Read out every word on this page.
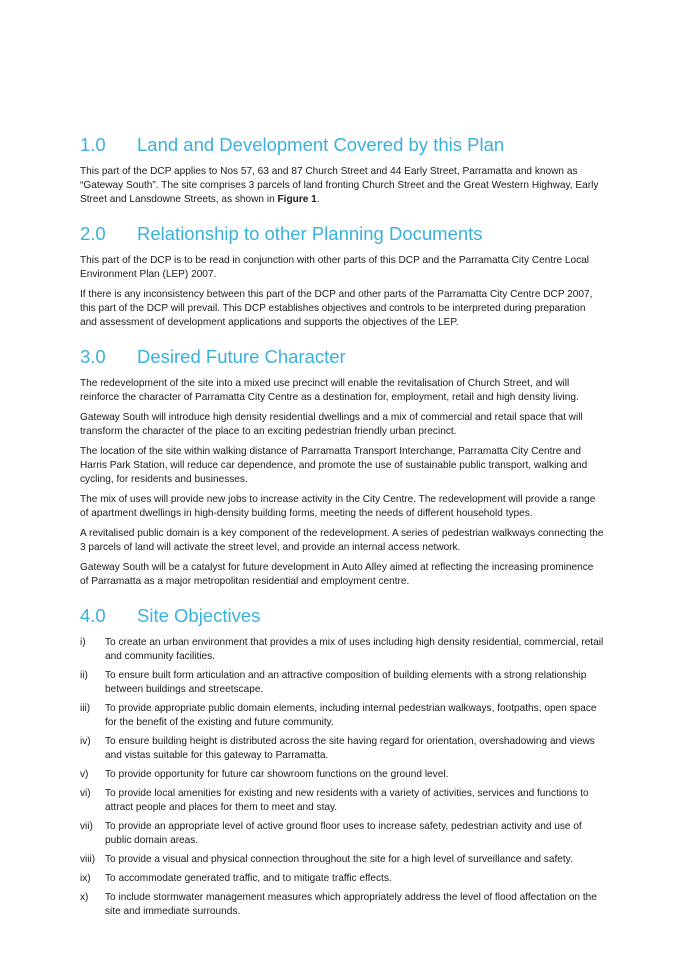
1.0	Land and Development Covered by this Plan

This part of the DCP applies to Nos 57, 63 and 87 Church Street and 44 Early Street, Parramatta and known as “Gateway South”. The site comprises 3 parcels of land fronting Church Street and the Great Western Highway, Early Street and Lansdowne Streets, as shown in Figure 1.

2.0	Relationship to other Planning Documents

This part of the DCP is to be read in conjunction with other parts of this DCP and the Parramatta City Centre Local Environment Plan (LEP) 2007.

If there is any inconsistency between this part of the DCP and other parts of the Parramatta City Centre DCP 2007, this part of the DCP will prevail. This DCP establishes objectives and controls to be interpreted during preparation and assessment of development applications and supports the objectives of the LEP.

3.0	Desired Future Character

The redevelopment of the site into a mixed use precinct will enable the revitalisation of Church Street, and will reinforce the character of Parramatta City Centre as a destination for, employment, retail and high density living.

Gateway South will introduce high density residential dwellings and a mix of commercial and retail space that will transform the character of the place to an exciting pedestrian friendly urban precinct.

The location of the site within walking distance of Parramatta Transport Interchange, Parramatta City Centre and Harris Park Station, will reduce car dependence, and promote the use of sustainable public transport, walking and cycling, for residents and businesses.

The mix of uses will provide new jobs to increase activity in the City Centre. The redevelopment will provide a range of apartment dwellings in high-density building forms, meeting the needs of different household types.

A revitalised public domain is a key component of the redevelopment. A series of pedestrian walkways connecting the 3 parcels of land will activate the street level, and provide an internal access network.

Gateway South will be a catalyst for future development in Auto Alley aimed at reflecting the increasing prominence of Parramatta as a major metropolitan residential and employment centre.

4.0	Site Objectives
i)	To create an urban environment that provides a mix of uses including high density residential, commercial, retail and community facilities.
ii)	To ensure built form articulation and an attractive composition of building elements with a strong relationship between buildings and streetscape.
iii)	To provide appropriate public domain elements, including internal pedestrian walkways, footpaths, open space for the benefit of the existing and future community.
iv)	To ensure building height is distributed across the site having regard for orientation, overshadowing and views and vistas suitable for this gateway to Parramatta.
v)	To provide opportunity for future car showroom functions on the ground level.
vi)	To provide local amenities for existing and new residents with a variety of activities, services and functions to attract people and places for them to meet and stay.
vii)	To provide an appropriate level of active ground floor uses to increase safety, pedestrian activity and use of public domain areas.
viii) To provide a visual and physical connection throughout the site for a high level of surveillance and safety.
ix)	To accommodate generated traffic, and to mitigate traffic effects.
x)	To include stormwater management measures which appropriately address the level of flood affectation on the site and immediate surrounds.
